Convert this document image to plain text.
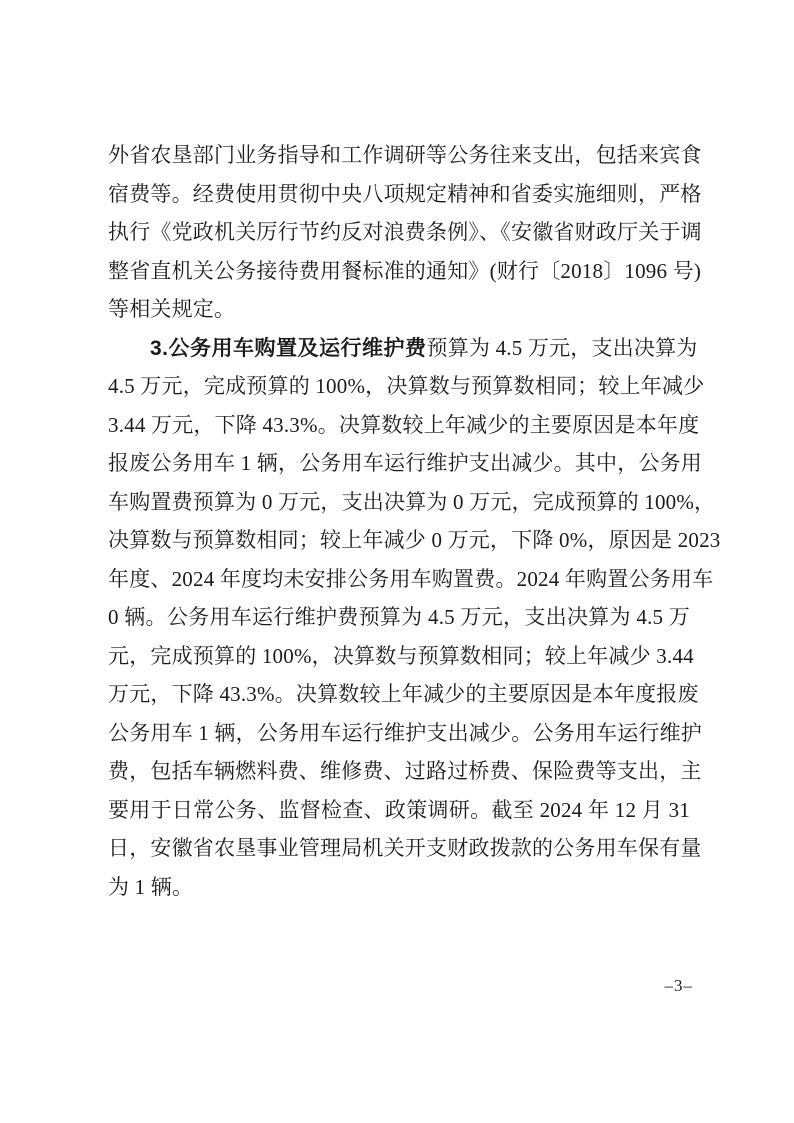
外省农垦部门业务指导和工作调研等公务往来支出，包括来宾食

宿费等。经费使用贯彻中央八项规定精神和省委实施细则，严格

执行《党政机关厉行节约反对浪费条例》、《安徽省财政厅关于调

整省直机关公务接待费用餐标准的通知》(财行〔2018〕1096 号)

等相关规定。

3.公务用车购置及运行维护费预算为 4.5 万元，支出决算为

4.5 万元，完成预算的 100%，决算数与预算数相同；较上年减少

3.44 万元，下降 43.3%。决算数较上年减少的主要原因是本年度

报废公务用车 1 辆，公务用车运行维护支出减少。其中，公务用

车购置费预算为 0 万元，支出决算为 0 万元，完成预算的 100%，

决算数与预算数相同；较上年减少 0 万元，下降 0%，原因是 2023

年度、2024 年度均未安排公务用车购置费。2024 年购置公务用车

0 辆。公务用车运行维护费预算为 4.5 万元，支出决算为 4.5 万

元，完成预算的 100%，决算数与预算数相同；较上年减少 3.44

万元，下降 43.3%。决算数较上年减少的主要原因是本年度报废

公务用车 1 辆，公务用车运行维护支出减少。公务用车运行维护

费，包括车辆燃料费、维修费、过路过桥费、保险费等支出，主

要用于日常公务、监督检查、政策调研。截至 2024 年 12 月 31

日，安徽省农垦事业管理局机关开支财政拨款的公务用车保有量

为 1 辆。

–3–
